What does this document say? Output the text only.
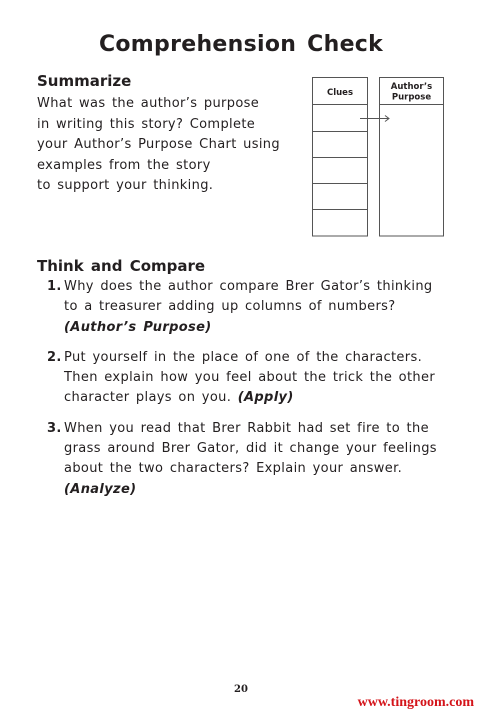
Comprehension Check
Summarize
What was the author’s purpose
in writing this story? Complete
your Author’s Purpose Chart using
examples from the story
to support your thinking.
Clues
Author’s
Purpose
Think and Compare
1. Why does the author compare Brer Gator’s thinking
to a treasurer adding up columns of numbers?
(Author’s Purpose)
2. Put yourself in the place of one of the characters.
Then explain how you feel about the trick the other
character plays on you. (Apply)
3. When you read that Brer Rabbit had set fire to the
grass around Brer Gator, did it change your feelings
about the two characters? Explain your answer.
(Analyze)
20
www.tingroom.com
